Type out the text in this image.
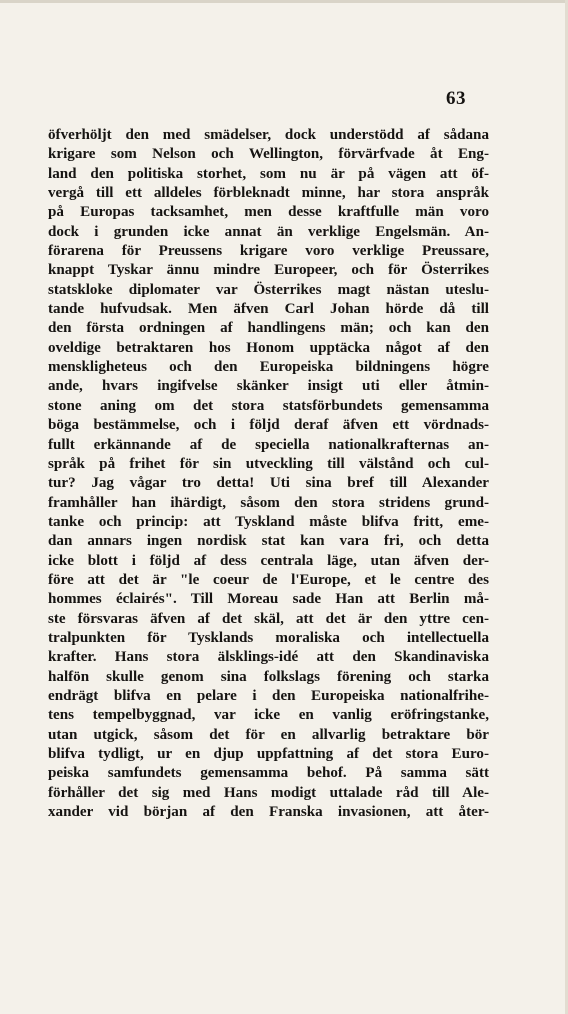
63
öfverhöljt den med smädelser, dock understödd af sådana
krigare som Nelson och Wellington, förvärfvade åt Eng-
land den politiska storhet, som nu är på vägen att öf-
vergå till ett alldeles förbleknadt minne, har stora anspråk
på Europas tacksamhet, men desse kraftfulle män voro
dock i grunden icke annat än verklige Engelsmän. An-
förarena för Preussens krigare voro verklige Preussare,
knappt Tyskar ännu mindre Europeer, och för Österrikes
statskloke diplomater var Österrikes magt nästan uteslu-
tande hufvudsak. Men äfven Carl Johan hörde då till
den första ordningen af handlingens män; och kan den
oveldige betraktaren hos Honom upptäcka något af den
menskligheteus och den Europeiska bildningens högre
ande, hvars ingifvelse skänker insigt uti eller åtmin-
stone aning om det stora statsförbundets gemensamma
böga bestämmelse, och i följd deraf äfven ett vördnads-
fullt erkännande af de speciella nationalkrafternas an-
språk på frihet för sin utveckling till välstånd och cul-
tur? Jag vågar tro detta! Uti sina bref till Alexander
framhåller han ihärdigt, såsom den stora stridens grund-
tanke och princip: att Tyskland måste blifva fritt, eme-
dan annars ingen nordisk stat kan vara fri, och detta
icke blott i följd af dess centrala läge, utan äfven der-
före att det är "le coeur de l'Europe, et le centre des
hommes éclairés". Till Moreau sade Han att Berlin må-
ste försvaras äfven af det skäl, att det är den yttre cen-
tralpunkten för Tysklands moraliska och intellectuella
krafter. Hans stora älsklings-idé att den Skandinaviska
halfön skulle genom sina folkslags förening och starka
endrägt blifva en pelare i den Europeiska nationalfrihe-
tens tempelbyggnad, var icke en vanlig eröfringstanke,
utan utgick, såsom det för en allvarlig betraktare bör
blifva tydligt, ur en djup uppfattning af det stora Euro-
peiska samfundets gemensamma behof. På samma sätt
förhåller det sig med Hans modigt uttalade råd till Ale-
xander vid början af den Franska invasionen, att åter-
